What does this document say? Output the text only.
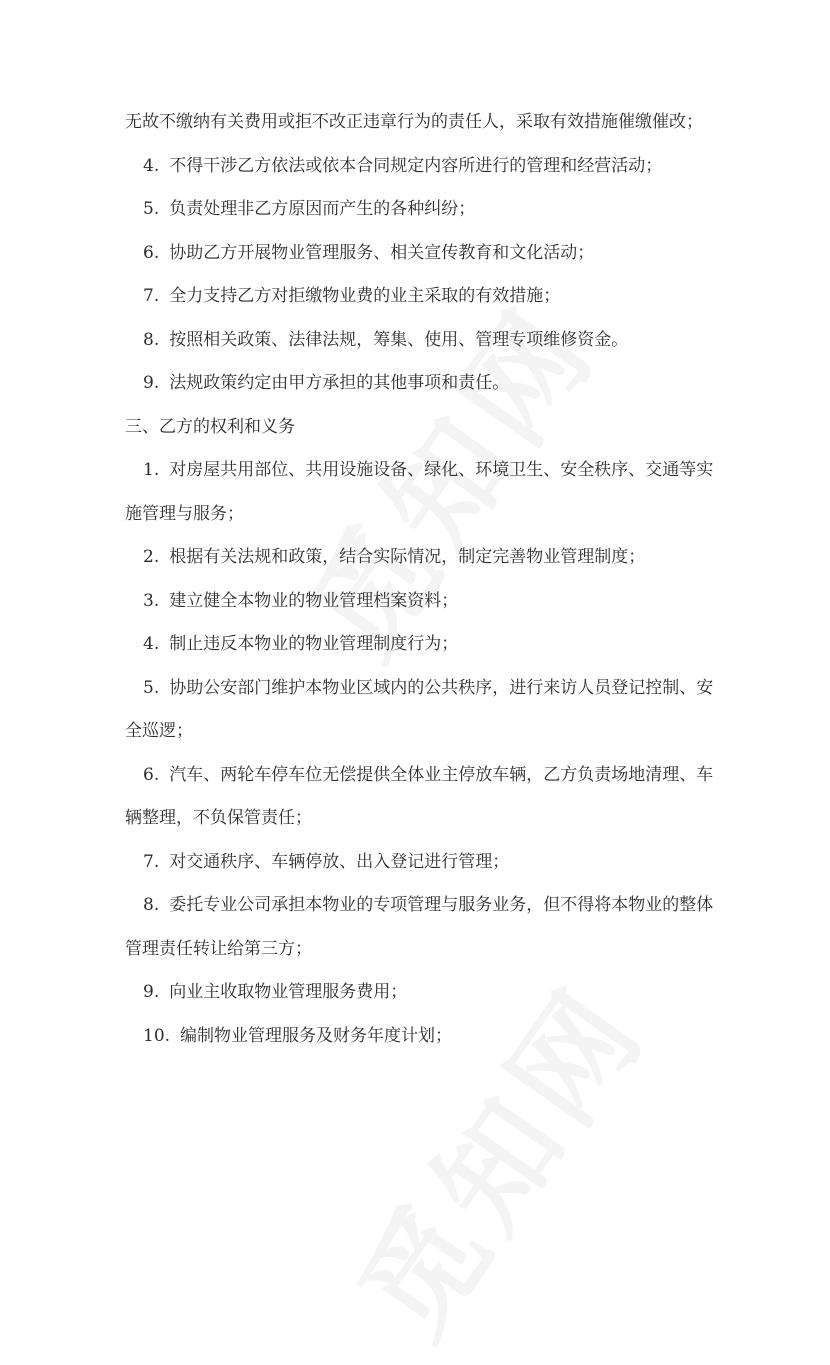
无故不缴纳有关费用或拒不改正违章行为的责任人，采取有效措施催缴催改；
4. 不得干涉乙方依法或依本合同规定内容所进行的管理和经营活动；
5. 负责处理非乙方原因而产生的各种纠纷；
6. 协助乙方开展物业管理服务、相关宣传教育和文化活动；
7. 全力支持乙方对拒缴物业费的业主采取的有效措施；
8. 按照相关政策、法律法规，筹集、使用、管理专项维修资金。
9. 法规政策约定由甲方承担的其他事项和责任。
三、乙方的权利和义务
1. 对房屋共用部位、共用设施设备、绿化、环境卫生、安全秩序、交通等实
施管理与服务；
2. 根据有关法规和政策，结合实际情况，制定完善物业管理制度；
3. 建立健全本物业的物业管理档案资料；
4. 制止违反本物业的物业管理制度行为；
5. 协助公安部门维护本物业区域内的公共秩序，进行来访人员登记控制、安
全巡逻；
6. 汽车、两轮车停车位无偿提供全体业主停放车辆，乙方负责场地清理、车
辆整理，不负保管责任；
7. 对交通秩序、车辆停放、出入登记进行管理；
8. 委托专业公司承担本物业的专项管理与服务业务，但不得将本物业的整体
管理责任转让给第三方；
9. 向业主收取物业管理服务费用；
10. 编制物业管理服务及财务年度计划；
